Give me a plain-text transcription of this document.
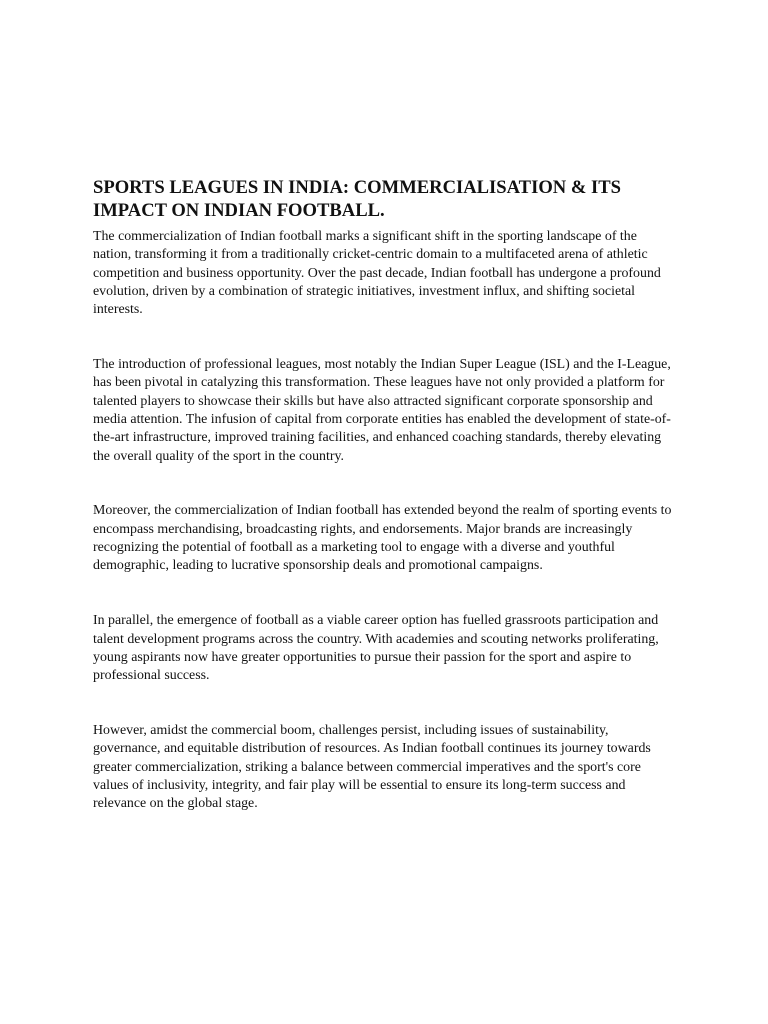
SPORTS LEAGUES IN INDIA: COMMERCIALISATION & ITS IMPACT ON INDIAN FOOTBALL.

The commercialization of Indian football marks a significant shift in the sporting landscape of the nation, transforming it from a traditionally cricket-centric domain to a multifaceted arena of athletic competition and business opportunity. Over the past decade, Indian football has undergone a profound evolution, driven by a combination of strategic initiatives, investment influx, and shifting societal interests.

The introduction of professional leagues, most notably the Indian Super League (ISL) and the I-League, has been pivotal in catalyzing this transformation. These leagues have not only provided a platform for talented players to showcase their skills but have also attracted significant corporate sponsorship and media attention. The infusion of capital from corporate entities has enabled the development of state-of-the-art infrastructure, improved training facilities, and enhanced coaching standards, thereby elevating the overall quality of the sport in the country.

Moreover, the commercialization of Indian football has extended beyond the realm of sporting events to encompass merchandising, broadcasting rights, and endorsements. Major brands are increasingly recognizing the potential of football as a marketing tool to engage with a diverse and youthful demographic, leading to lucrative sponsorship deals and promotional campaigns.

In parallel, the emergence of football as a viable career option has fuelled grassroots participation and talent development programs across the country. With academies and scouting networks proliferating, young aspirants now have greater opportunities to pursue their passion for the sport and aspire to professional success.

However, amidst the commercial boom, challenges persist, including issues of sustainability, governance, and equitable distribution of resources. As Indian football continues its journey towards greater commercialization, striking a balance between commercial imperatives and the sport's core values of inclusivity, integrity, and fair play will be essential to ensure its long-term success and relevance on the global stage.
